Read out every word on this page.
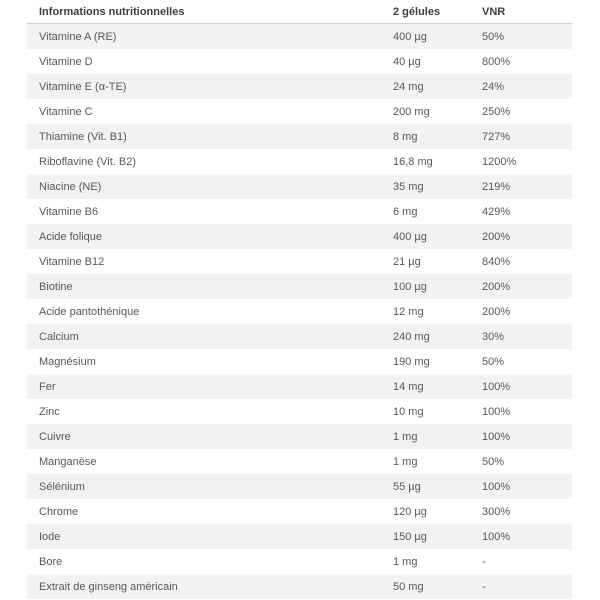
Informations nutritionnelles	2 gélules	VNR
Vitamine A (RE)	400 µg	50%
Vitamine D	40 µg	800%
Vitamine E (α-TE)	24 mg	24%
Vitamine C	200 mg	250%
Thiamine (Vit. B1)	8 mg	727%
Riboflavine (Vit. B2)	16,8 mg	1200%
Niacine (NE)	35 mg	219%
Vitamine B6	6 mg	429%
Acide folique	400 µg	200%
Vitamine B12	21 µg	840%
Biotine	100 µg	200%
Acide pantothénique	12 mg	200%
Calcium	240 mg	30%
Magnésium	190 mg	50%
Fer	14 mg	100%
Zinc	10 mg	100%
Cuivre	1 mg	100%
Manganèse	1 mg	50%
Sélénium	55 µg	100%
Chrome	120 µg	300%
Iode	150 µg	100%
Bore	1 mg	-
Extrait de ginseng américain	50 mg	-
